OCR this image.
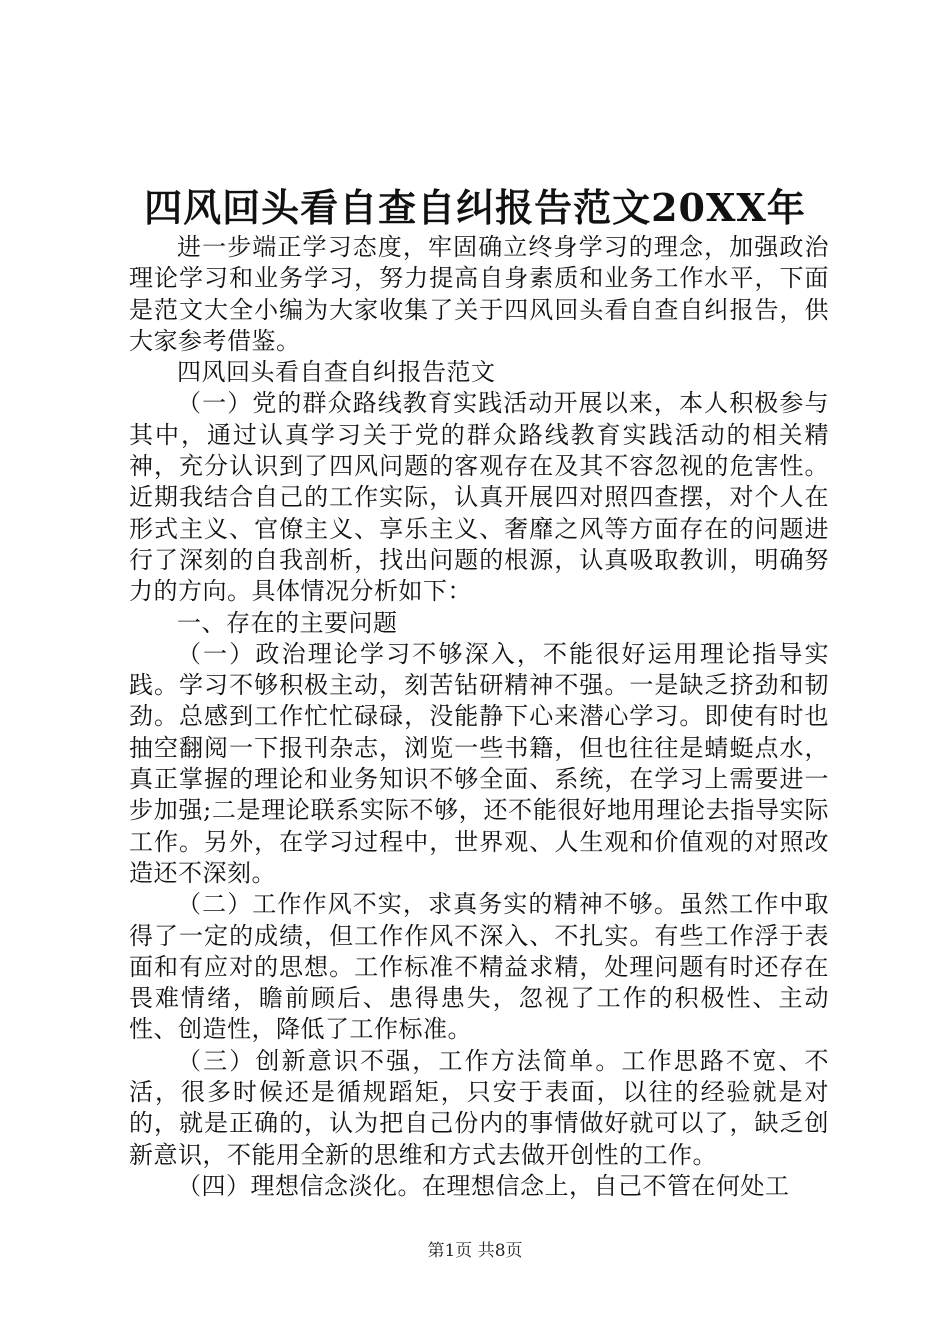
四风回头看自查自纠报告范文20XX年

进一步端正学习态度，牢固确立终身学习的理念，加强政治理论学习和业务学习，努力提高自身素质和业务工作水平，下面是范文大全小编为大家收集了关于四风回头看自查自纠报告，供大家参考借鉴。

四风回头看自查自纠报告范文

（一）党的群众路线教育实践活动开展以来，本人积极参与其中，通过认真学习关于党的群众路线教育实践活动的相关精神，充分认识到了四风问题的客观存在及其不容忽视的危害性。近期我结合自己的工作实际，认真开展四对照四查摆，对个人在形式主义、官僚主义、享乐主义、奢靡之风等方面存在的问题进行了深刻的自我剖析，找出问题的根源，认真吸取教训，明确努力的方向。具体情况分析如下：

一、存在的主要问题

（一）政治理论学习不够深入，不能很好运用理论指导实践。学习不够积极主动，刻苦钻研精神不强。一是缺乏挤劲和韧劲。总感到工作忙忙碌碌，没能静下心来潜心学习。即使有时也抽空翻阅一下报刊杂志，浏览一些书籍，但也往往是蜻蜓点水，真正掌握的理论和业务知识不够全面、系统，在学习上需要进一步加强;二是理论联系实际不够，还不能很好地用理论去指导实际工作。另外，在学习过程中，世界观、人生观和价值观的对照改造还不深刻。

（二）工作作风不实，求真务实的精神不够。虽然工作中取得了一定的成绩，但工作作风不深入、不扎实。有些工作浮于表面和有应对的思想。工作标准不精益求精，处理问题有时还存在畏难情绪，瞻前顾后、患得患失，忽视了工作的积极性、主动性、创造性，降低了工作标准。

（三）创新意识不强，工作方法简单。工作思路不宽、不活，很多时候还是循规蹈矩，只安于表面，以往的经验就是对的，就是正确的，认为把自己份内的事情做好就可以了，缺乏创新意识，不能用全新的思维和方式去做开创性的工作。

（四）理想信念淡化。在理想信念上，自己不管在何处工

第1页 共8页
